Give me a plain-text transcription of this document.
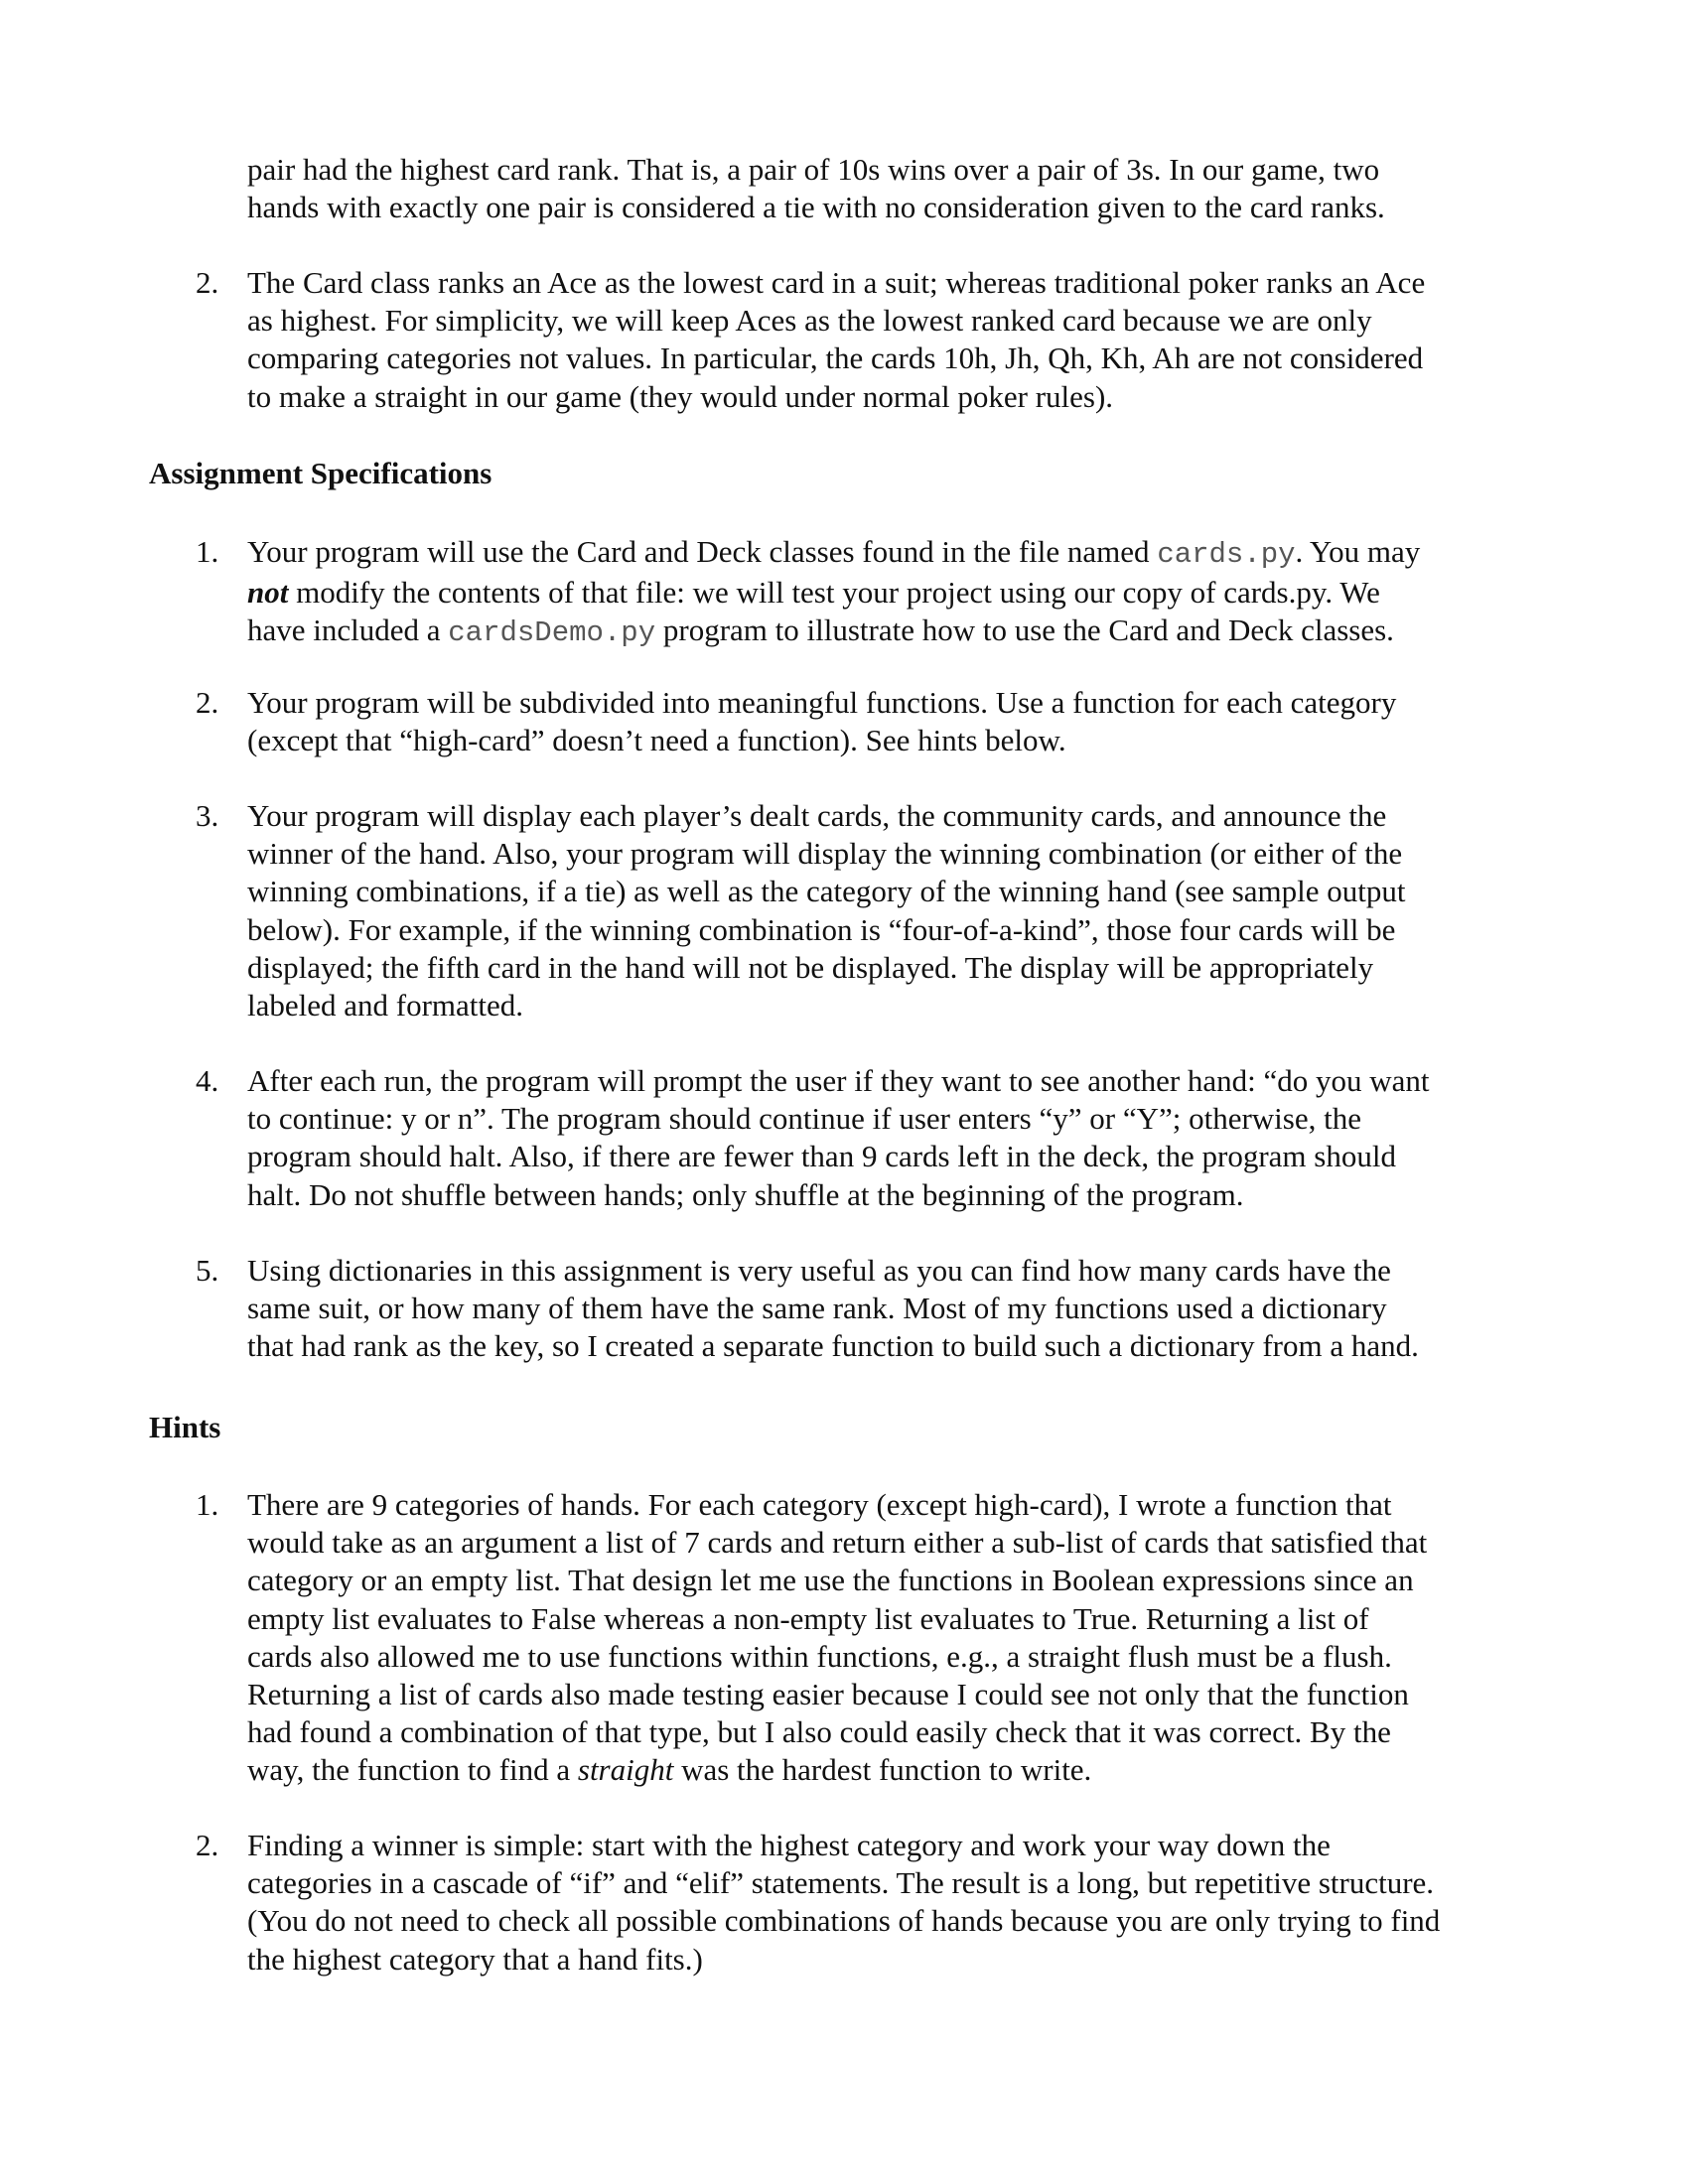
pair had the highest card rank. That is, a pair of 10s wins over a pair of 3s. In our game, two
hands with exactly one pair is considered a tie with no consideration given to the card ranks.
2. The Card class ranks an Ace as the lowest card in a suit; whereas traditional poker ranks an Ace
as highest. For simplicity, we will keep Aces as the lowest ranked card because we are only
comparing categories not values. In particular, the cards 10h, Jh, Qh, Kh, Ah are not considered
to make a straight in our game (they would under normal poker rules).
Assignment Specifications
1. Your program will use the Card and Deck classes found in the file named cards.py. You may
not modify the contents of that file: we will test your project using our copy of cards.py. We
have included a cardsDemo.py program to illustrate how to use the Card and Deck classes.
2. Your program will be subdivided into meaningful functions. Use a function for each category
(except that “high-card” doesn’t need a function). See hints below.
3. Your program will display each player’s dealt cards, the community cards, and announce the
winner of the hand. Also, your program will display the winning combination (or either of the
winning combinations, if a tie) as well as the category of the winning hand (see sample output
below). For example, if the winning combination is “four-of-a-kind”, those four cards will be
displayed; the fifth card in the hand will not be displayed. The display will be appropriately
labeled and formatted.
4. After each run, the program will prompt the user if they want to see another hand: “do you want
to continue: y or n”. The program should continue if user enters “y” or “Y”; otherwise, the
program should halt. Also, if there are fewer than 9 cards left in the deck, the program should
halt. Do not shuffle between hands; only shuffle at the beginning of the program.
5. Using dictionaries in this assignment is very useful as you can find how many cards have the
same suit, or how many of them have the same rank. Most of my functions used a dictionary
that had rank as the key, so I created a separate function to build such a dictionary from a hand.
Hints
1. There are 9 categories of hands. For each category (except high-card), I wrote a function that
would take as an argument a list of 7 cards and return either a sub-list of cards that satisfied that
category or an empty list. That design let me use the functions in Boolean expressions since an
empty list evaluates to False whereas a non-empty list evaluates to True. Returning a list of
cards also allowed me to use functions within functions, e.g., a straight flush must be a flush.
Returning a list of cards also made testing easier because I could see not only that the function
had found a combination of that type, but I also could easily check that it was correct. By the
way, the function to find a straight was the hardest function to write.
2. Finding a winner is simple: start with the highest category and work your way down the
categories in a cascade of “if” and “elif” statements. The result is a long, but repetitive structure.
(You do not need to check all possible combinations of hands because you are only trying to find
the highest category that a hand fits.)
